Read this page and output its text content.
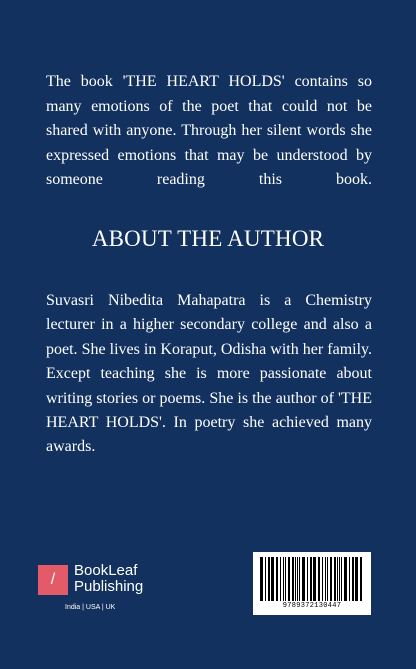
The book 'THE HEART HOLDS' contains so many emotions of the poet that could not be shared with anyone. Through her silent words she expressed emotions that may be understood by someone reading this book.

ABOUT THE AUTHOR

Suvasri Nibedita Mahapatra is a Chemistry lecturer in a higher secondary college and also a poet. She lives in Koraput, Odisha with her family. Except teaching she is more passionate about writing stories or poems. She is the author of 'THE HEART HOLDS'. In poetry she achieved many awards.

/

BookLeaf Publishing

India | USA | UK	9789372130447
